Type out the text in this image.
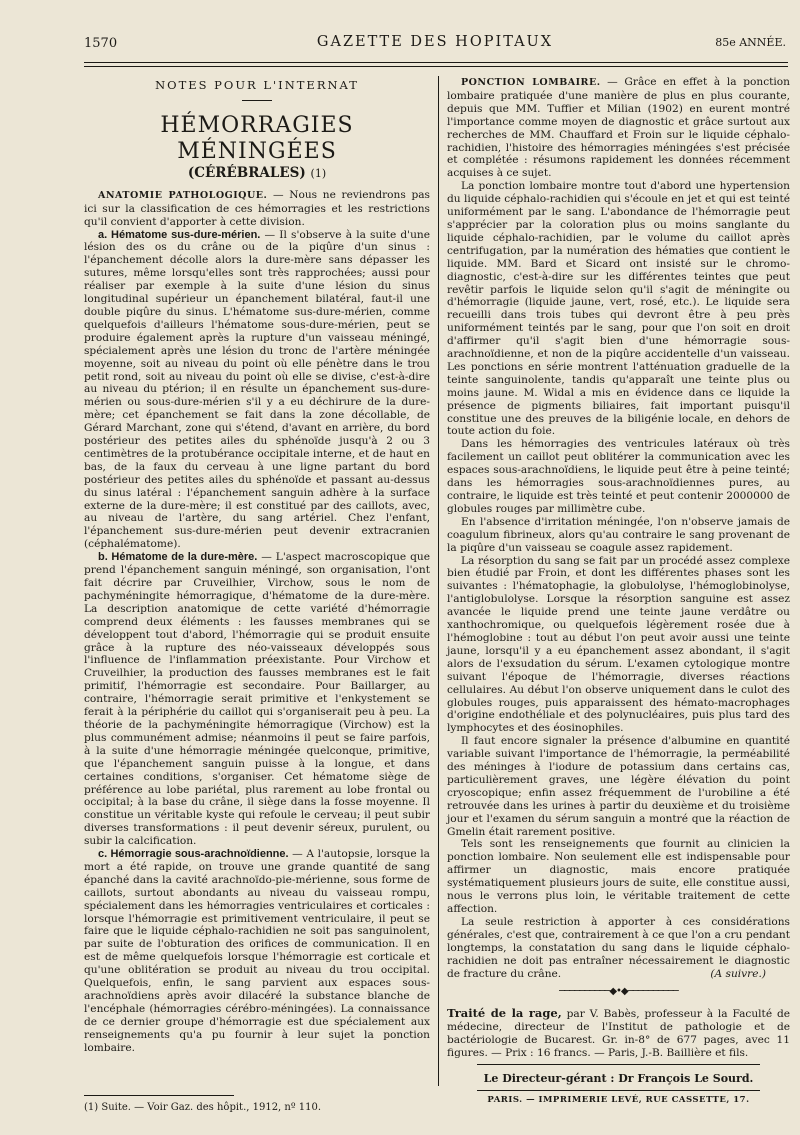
1570	GAZETTE DES HOPITAUX	85e ANNÉE.
NOTES POUR L'INTERNAT
HÉMORRAGIES MÉNINGÉES
(CÉRÉBRALES) (1)

ANATOMIE PATHOLOGIQUE. — Nous ne reviendrons pas ici sur la classification de ces hémorragies et les restrictions qu'il convient d'apporter à cette division.

a. Hématome sus-dure-mérien. — Il s'observe à la suite d'une lésion des os du crâne ou de la piqûre d'un sinus : l'épanchement décolle alors la dure-mère sans dépasser les sutures, même lorsqu'elles sont très rapprochées; aussi pour réaliser par exemple à la suite d'une lésion du sinus longitudinal supérieur un épanchement bilatéral, faut-il une double piqûre du sinus. L'hématome sus-dure-mérien, comme quelquefois d'ailleurs l'hématome sous-dure-mérien, peut se produire également après la rupture d'un vaisseau méningé, spécialement après une lésion du tronc de l'artère méningée moyenne, soit au niveau du point où elle pénètre dans le trou petit rond, soit au niveau du point où elle se divise, c'est-à-dire au niveau du ptérion; il en résulte un épanchement sus-dure-mérien ou sous-dure-mérien s'il y a eu déchirure de la dure-mère; cet épanchement se fait dans la zone décollable, de Gérard Marchant, zone qui s'étend, d'avant en arrière, du bord postérieur des petites ailes du sphénoïde jusqu'à 2 ou 3 centimètres de la protubérance occipitale interne, et de haut en bas, de la faux du cerveau à une ligne partant du bord postérieur des petites ailes du sphénoïde et passant au-dessus du sinus latéral : l'épanchement sanguin adhère à la surface externe de la dure-mère; il est constitué par des caillots, avec, au niveau de l'artère, du sang artériel. Chez l'enfant, l'épanchement sus-dure-mérien peut devenir extracranien (céphalématome).

b. Hématome de la dure-mère. — L'aspect macroscopique que prend l'épanchement sanguin méningé, son organisation, l'ont fait décrire par Cruveilhier, Virchow, sous le nom de pachyméningite hémorragique, d'hématome de la dure-mère. La description anatomique de cette variété d'hémorragie comprend deux éléments : les fausses membranes qui se développent tout d'abord, l'hémorragie qui se produit ensuite grâce à la rupture des néo-vaisseaux développés sous l'influence de l'inflammation préexistante. Pour Virchow et Cruveilhier, la production des fausses membranes est le fait primitif, l'hémorragie est secondaire. Pour Baillarger, au contraire, l'hémorragie serait primitive et l'enkystement se ferait à la périphérie du caillot qui s'organiserait peu à peu. La théorie de la pachyméningite hémorragique (Virchow) est la plus communément admise; néanmoins il peut se faire parfois, à la suite d'une hémorragie méningée quelconque, primitive, que l'épanchement sanguin puisse à la longue, et dans certaines conditions, s'organiser. Cet hématome siège de préférence au lobe pariétal, plus rarement au lobe frontal ou occipital; à la base du crâne, il siège dans la fosse moyenne. Il constitue un véritable kyste qui refoule le cerveau; il peut subir diverses transformations : il peut devenir séreux, purulent, ou subir la calcification.

c. Hémorragie sous-arachnoïdienne. — A l'autopsie, lorsque la mort a été rapide, on trouve une grande quantité de sang épanché dans la cavité arachnoïdo-pie-mérienne, sous forme de caillots, surtout abondants au niveau du vaisseau rompu, spécialement dans les hémorragies ventriculaires et corticales : lorsque l'hémorragie est primitivement ventriculaire, il peut se faire que le liquide céphalo-rachidien ne soit pas sanguinolent, par suite de l'obturation des orifices de communication. Il en est de même quelquefois lorsque l'hémorragie est corticale et qu'une oblitération se produit au niveau du trou occipital. Quelquefois, enfin, le sang parvient aux espaces sous-arachnoïdiens après avoir dilacéré la substance blanche de l'encéphale (hémorragies cérébro-méningées). La connaissance de ce dernier groupe d'hémorragie est due spécialement aux renseignements qu'a pu fournir à leur sujet la ponction lombaire.

(1) Suite. — Voir Gaz. des hôpit., 1912, nº 110.

PONCTION LOMBAIRE. — Grâce en effet à la ponction lombaire pratiquée d'une manière de plus en plus courante, depuis que MM. Tuffier et Milian (1902) en eurent montré l'importance comme moyen de diagnostic et grâce surtout aux recherches de MM. Chauffard et Froin sur le liquide céphalo-rachidien, l'histoire des hémorragies méningées s'est précisée et complétée : résumons rapidement les données récemment acquises à ce sujet.

La ponction lombaire montre tout d'abord une hypertension du liquide céphalo-rachidien qui s'écoule en jet et qui est teinté uniformément par le sang. L'abondance de l'hémorragie peut s'apprécier par la coloration plus ou moins sanglante du liquide céphalo-rachidien, par le volume du caillot après centrifugation, par la numération des hématies que contient le liquide. MM. Bard et Sicard ont insisté sur le chromo-diagnostic, c'est-à-dire sur les différentes teintes que peut revêtir parfois le liquide selon qu'il s'agit de méningite ou d'hémorragie (liquide jaune, vert, rosé, etc.). Le liquide sera recueilli dans trois tubes qui devront être à peu près uniformément teintés par le sang, pour que l'on soit en droit d'affirmer qu'il s'agit bien d'une hémorragie sous-arachnoïdienne, et non de la piqûre accidentelle d'un vaisseau. Les ponctions en série montrent l'atténuation graduelle de la teinte sanguinolente, tandis qu'apparaît une teinte plus ou moins jaune. M. Widal a mis en évidence dans ce liquide la présence de pigments biliaires, fait important puisqu'il constitue une des preuves de la biligénie locale, en dehors de toute action du foie.

Dans les hémorragies des ventricules latéraux où très facilement un caillot peut oblitérer la communication avec les espaces sous-arachnoïdiens, le liquide peut être à peine teinté; dans les hémorragies sous-arachnoïdiennes pures, au contraire, le liquide est très teinté et peut contenir 2000000 de globules rouges par millimètre cube.

En l'absence d'irritation méningée, l'on n'observe jamais de coagulum fibrineux, alors qu'au contraire le sang provenant de la piqûre d'un vaisseau se coagule assez rapidement.

La résorption du sang se fait par un procédé assez complexe bien étudié par Froin, et dont les différentes phases sont les suivantes : l'hématophagie, la globulolyse, l'hémoglobinolyse, l'antiglobulolyse. Lorsque la résorption sanguine est assez avancée le liquide prend une teinte jaune verdâtre ou xanthochromique, ou quelquefois légèrement rosée due à l'hémoglobine : tout au début l'on peut avoir aussi une teinte jaune, lorsqu'il y a eu épanchement assez abondant, il s'agit alors de l'exsudation du sérum. L'examen cytologique montre suivant l'époque de l'hémorragie, diverses réactions cellulaires. Au début l'on observe uniquement dans le culot des globules rouges, puis apparaissent des hémato-macrophages d'origine endothéliale et des polynucléaires, puis plus tard des lymphocytes et des éosinophiles.

Il faut encore signaler la présence d'albumine en quantité variable suivant l'importance de l'hémorragie, la perméabilité des méninges à l'iodure de potassium dans certains cas, particulièrement graves, une légère élévation du point cryoscopique; enfin assez fréquemment de l'urobiline a été retrouvée dans les urines à partir du deuxième et du troisième jour et l'examen du sérum sanguin a montré que la réaction de Gmelin était rarement positive.

Tels sont les renseignements que fournit au clinicien la ponction lombaire. Non seulement elle est indispensable pour affirmer un diagnostic, mais encore pratiquée systématiquement plusieurs jours de suite, elle constitue aussi, nous le verrons plus loin, le véritable traitement de cette affection.

La seule restriction à apporter à ces considérations générales, c'est que, contrairement à ce que l'on a cru pendant longtemps, la constatation du sang dans le liquide céphalo-rachidien ne doit pas entraîner nécessairement le diagnostic de fracture du crâne.	(A suivre.)

──────────◆•◆──────────

Traité de la rage, par V. Babès, professeur à la Faculté de médecine, directeur de l'Institut de pathologie et de bactériologie de Bucarest. Gr. in-8° de 677 pages, avec 11 figures. — Prix : 16 francs. — Paris, J.-B. Baillière et fils.

Le Directeur-gérant : Dr François Le Sourd.
PARIS. — IMPRIMERIE LEVÉ, RUE CASSETTE, 17.
